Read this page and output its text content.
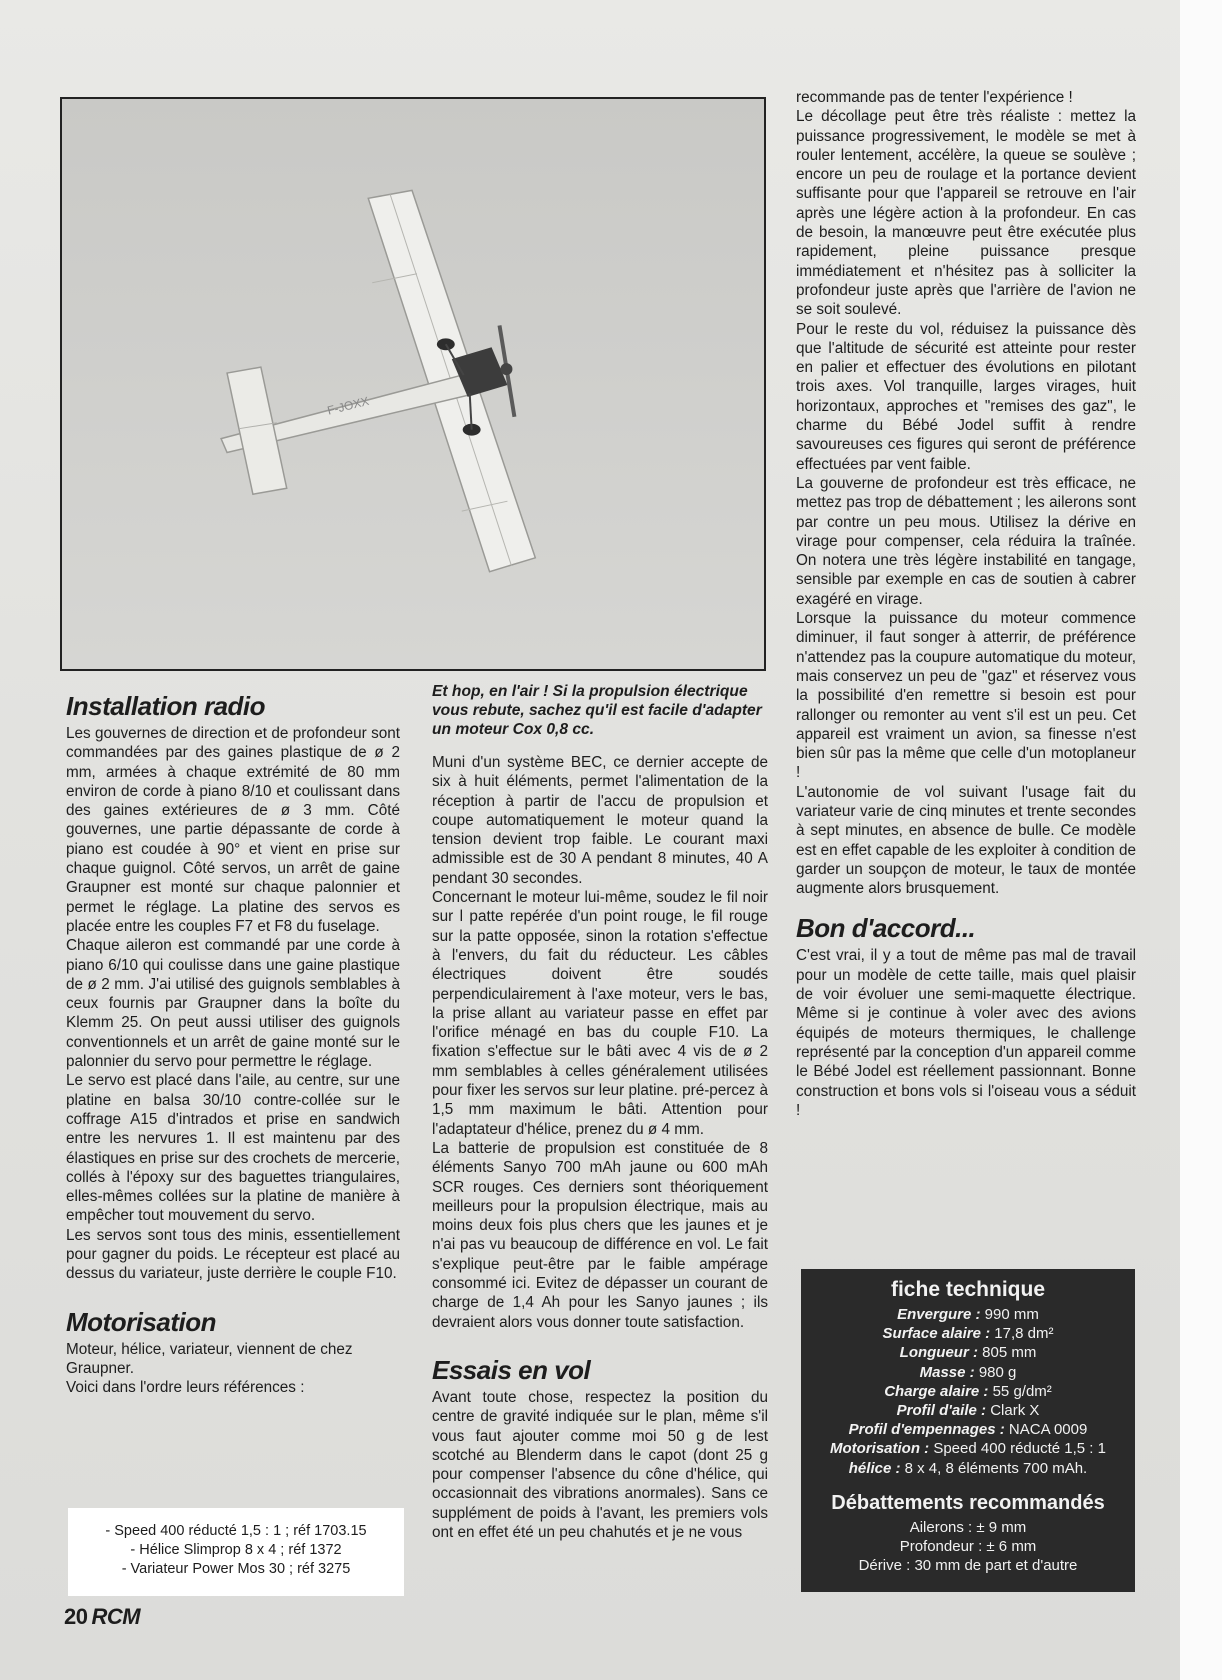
F-JOXX
Installation radio

Les gouvernes de direction et de profondeur sont commandées par des gaines plastique de ø 2 mm, armées à chaque extrémité de 80 mm environ de corde à piano 8/10 et coulissant dans des gaines extérieures de ø 3 mm. Côté gouvernes, une partie dépassante de corde à piano est coudée à 90° et vient en prise sur chaque guignol. Côté servos, un arrêt de gaine Graupner est monté sur chaque palonnier et permet le réglage. La platine des servos es placée entre les couples F7 et F8 du fuselage.

Chaque aileron est commandé par une corde à piano 6/10 qui coulisse dans une gaine plastique de ø 2 mm. J'ai utilisé des guignols semblables à ceux fournis par Graupner dans la boîte du Klemm 25. On peut aussi utiliser des guignols conventionnels et un arrêt de gaine monté sur le palonnier du servo pour permettre le réglage.

Le servo est placé dans l'aile, au centre, sur une platine en balsa 30/10 contre-collée sur le coffrage A15 d'intrados et prise en sandwich entre les nervures 1. Il est maintenu par des élastiques en prise sur des crochets de mercerie, collés à l'époxy sur des baguettes triangulaires, elles-mêmes collées sur la platine de manière à empêcher tout mouvement du servo.

Les servos sont tous des minis, essentiellement pour gagner du poids. Le récepteur est placé au dessus du variateur, juste derrière le couple F10.

Motorisation

Moteur, hélice, variateur, viennent de chez Graupner.

Voici dans l'ordre leurs références :

- Speed 400 réducté 1,5 : 1 ; réf 1703.15
- Hélice Slimprop 8 x 4 ; réf 1372
- Variateur Power Mos 30 ; réf 3275
20 RCM

Et hop, en l'air ! Si la propulsion électrique vous rebute, sachez qu'il est facile d'adapter un moteur Cox 0,8 cc.

Muni d'un système BEC, ce dernier accepte de six à huit éléments, permet l'alimentation de la réception à partir de l'accu de propulsion et coupe automatiquement le moteur quand la tension devient trop faible. Le courant maxi admissible est de 30 A pendant 8 minutes, 40 A pendant 30 secondes.

Concernant le moteur lui-même, soudez le fil noir sur l patte repérée d'un point rouge, le fil rouge sur la patte opposée, sinon la rotation s'effectue à l'envers, du fait du réducteur. Les câbles électriques doivent être soudés perpendiculairement à l'axe moteur, vers le bas, la prise allant au variateur passe en effet par l'orifice ménagé en bas du couple F10. La fixation s'effectue sur le bâti avec 4 vis de ø 2 mm semblables à celles généralement utilisées pour fixer les servos sur leur platine. pré-percez à 1,5 mm maximum le bâti. Attention pour l'adaptateur d'hélice, prenez du ø 4 mm.

La batterie de propulsion est constituée de 8 éléments Sanyo 700 mAh jaune ou 600 mAh SCR rouges. Ces derniers sont théoriquement meilleurs pour la propulsion électrique, mais au moins deux fois plus chers que les jaunes et je n'ai pas vu beaucoup de différence en vol. Le fait s'explique peut-être par le faible ampérage consommé ici. Evitez de dépasser un courant de charge de 1,4 Ah pour les Sanyo jaunes ; ils devraient alors vous donner toute satisfaction.

Essais en vol

Avant toute chose, respectez la position du centre de gravité indiquée sur le plan, même s'il vous faut ajouter comme moi 50 g de lest scotché au Blenderm dans le capot (dont 25 g pour compenser l'absence du cône d'hélice, qui occasionnait des vibrations anormales). Sans ce supplément de poids à l'avant, les premiers vols ont en effet été un peu chahutés et je ne vous

recommande pas de tenter l'expérience !

Le décollage peut être très réaliste : mettez la puissance progressivement, le modèle se met à rouler lentement, accélère, la queue se soulève ; encore un peu de roulage et la portance devient suffisante pour que l'appareil se retrouve en l'air après une légère action à la profondeur. En cas de besoin, la manœuvre peut être exécutée plus rapidement, pleine puissance presque immédiatement et n'hésitez pas à solliciter la profondeur juste après que l'arrière de l'avion ne se soit soulevé.

Pour le reste du vol, réduisez la puissance dès que l'altitude de sécurité est atteinte pour rester en palier et effectuer des évolutions en pilotant trois axes. Vol tranquille, larges virages, huit horizontaux, approches et "remises des gaz", le charme du Bébé Jodel suffit à rendre savoureuses ces figures qui seront de préférence effectuées par vent faible.

La gouverne de profondeur est très efficace, ne mettez pas trop de débattement ; les ailerons sont par contre un peu mous. Utilisez la dérive en virage pour compenser, cela réduira la traînée. On notera une très légère instabilité en tangage, sensible par exemple en cas de soutien à cabrer exagéré en virage.

Lorsque la puissance du moteur commence diminuer, il faut songer à atterrir, de préférence n'attendez pas la coupure automatique du moteur, mais conservez un peu de "gaz" et réservez vous la possibilité d'en remettre si besoin est pour rallonger ou remonter au vent s'il est un peu. Cet appareil est vraiment un avion, sa finesse n'est bien sûr pas la même que celle d'un motoplaneur !

L'autonomie de vol suivant l'usage fait du variateur varie de cinq minutes et trente secondes à sept minutes, en absence de bulle. Ce modèle est en effet capable de les exploiter à condition de garder un soupçon de moteur, le taux de montée augmente alors brusquement.

Bon d'accord...

C'est vrai, il y a tout de même pas mal de travail pour un modèle de cette taille, mais quel plaisir de voir évoluer une semi-maquette électrique. Même si je continue à voler avec des avions équipés de moteurs thermiques, le challenge représenté par la conception d'un appareil comme le Bébé Jodel est réellement passionnant. Bonne construction et bons vols si l'oiseau vous a séduit !

fiche technique
Envergure : 990 mm
Surface alaire : 17,8 dm²
Longueur : 805 mm
Masse : 980 g
Charge alaire : 55 g/dm²
Profil d'aile : Clark X
Profil d'empennages : NACA 0009
Motorisation : Speed 400 réducté 1,5 : 1
hélice : 8 x 4, 8 éléments 700 mAh.
Débattements recommandés
Ailerons : ± 9 mm
Profondeur : ± 6 mm
Dérive : 30 mm de part et d'autre
